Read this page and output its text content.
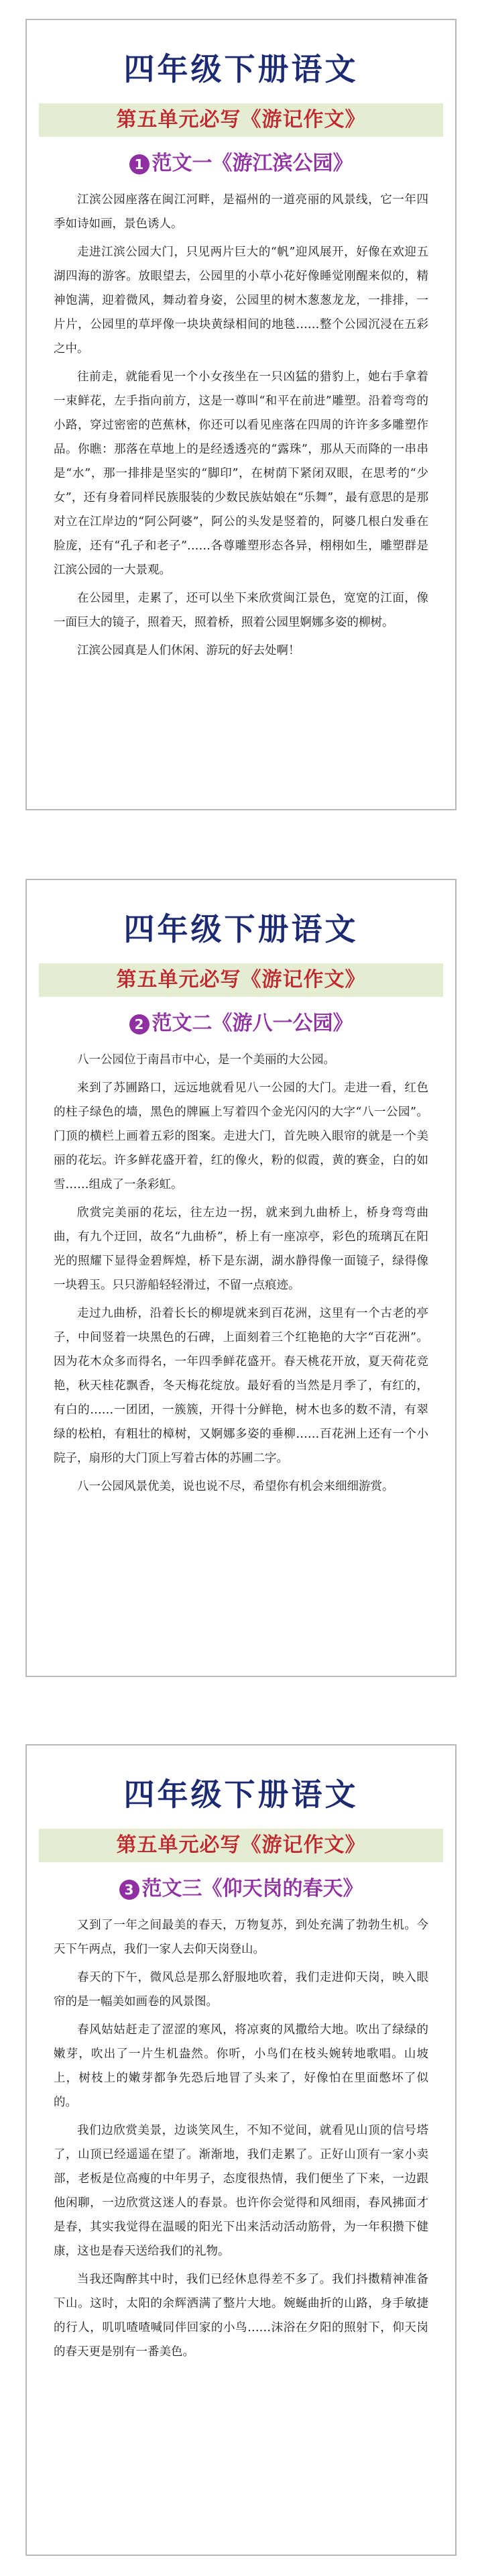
四年级下册语文
第五单元必写《游记作文》
1 范文一《游江滨公园》

江滨公园座落在闽江河畔，是福州的一道亮丽的风景线，它一年四季如诗如画，景色诱人。

走进江滨公园大门，只见两片巨大的“帆”迎风展开，好像在欢迎五湖四海的游客。放眼望去，公园里的小草小花好像睡觉刚醒来似的，精神饱满，迎着微风，舞动着身姿，公园里的树木葱葱龙龙，一排排，一片片，公园里的草坪像一块块黄绿相间的地毯……整个公园沉浸在五彩之中。

往前走，就能看见一个小女孩坐在一只凶猛的猎豹上，她右手拿着一束鲜花，左手指向前方，这是一尊叫“和平在前进”雕塑。沿着弯弯的小路，穿过密密的芭蕉林，你还可以看见座落在四周的许许多多雕塑作品。你瞧：那落在草地上的是经透透亮的“露珠”，那从天而降的一串串是“水”，那一排排是坚实的“脚印”，在树荫下紧闭双眼，在思考的“少女”，还有身着同样民族服装的少数民族姑娘在“乐舞”，最有意思的是那对立在江岸边的“阿公阿婆”，阿公的头发是竖着的，阿婆几根白发垂在脸庞，还有“孔子和老子”……各尊雕塑形态各异，栩栩如生，雕塑群是江滨公园的一大景观。

在公园里，走累了，还可以坐下来欣赏闽江景色，宽宽的江面，像一面巨大的镜子，照着天，照着桥，照着公园里婀娜多姿的柳树。

江滨公园真是人们休闲、游玩的好去处啊！

四年级下册语文
第五单元必写《游记作文》
2 范文二《游八一公园》

八一公园位于南昌市中心，是一个美丽的大公园。

来到了苏圃路口，远远地就看见八一公园的大门。走进一看，红色的柱子绿色的墙，黑色的牌匾上写着四个金光闪闪的大字“八一公园”。门顶的横栏上画着五彩的图案。走进大门，首先映入眼帘的就是一个美丽的花坛。许多鲜花盛开着，红的像火，粉的似霞，黄的赛金，白的如雪……组成了一条彩虹。

欣赏完美丽的花坛，往左边一拐，就来到九曲桥上，桥身弯弯曲曲，有九个迂回，故名“九曲桥”，桥上有一座凉亭，彩色的琉璃瓦在阳光的照耀下显得金碧辉煌，桥下是东湖，湖水静得像一面镜子，绿得像一块碧玉。只只游船轻轻滑过，不留一点痕迹。

走过九曲桥，沿着长长的柳堤就来到百花洲，这里有一个古老的亭子，中间竖着一块黑色的石碑，上面刻着三个红艳艳的大字“百花洲”。因为花木众多而得名，一年四季鲜花盛开。春天桃花开放，夏天荷花竞艳，秋天桂花飘香，冬天梅花绽放。最好看的当然是月季了，有红的，有白的……一团团，一簇簇，开得十分鲜艳，树木也多的数不清，有翠绿的松柏，有粗壮的樟树，又婀娜多姿的垂柳……百花洲上还有一个小院子，扇形的大门顶上写着古体的苏圃二字。

八一公园风景优美，说也说不尽，希望你有机会来细细游赏。

四年级下册语文
第五单元必写《游记作文》
3 范文三《仰天岗的春天》

又到了一年之间最美的春天，万物复苏，到处充满了勃勃生机。今天下午两点，我们一家人去仰天岗登山。

春天的下午，微风总是那么舒服地吹着，我们走进仰天岗，映入眼帘的是一幅美如画卷的风景图。

春风姑姑赶走了涩涩的寒风，将凉爽的风撒给大地。吹出了绿绿的嫩芽，吹出了一片生机盎然。你听，小鸟们在枝头婉转地歌唱。山坡上，树枝上的嫩芽都争先恐后地冒了头来了，好像怕在里面憋坏了似的。

我们边欣赏美景，边谈笑风生，不知不觉间，就看见山顶的信号塔了，山顶已经遥遥在望了。渐渐地，我们走累了。正好山顶有一家小卖部，老板是位高瘦的中年男子，态度很热情，我们便坐了下来，一边跟他闲聊，一边欣赏这迷人的春景。也许你会觉得和风细雨，春风拂面才是春，其实我觉得在温暖的阳光下出来活动活动筋骨，为一年积攒下健康，这也是春天送给我们的礼物。

当我还陶醉其中时，我们已经休息得差不多了。我们抖擞精神准备下山。这时，太阳的余辉洒满了整片大地。婉蜒曲折的山路，身手敏捷的行人，叽叽喳喳喊同伴回家的小鸟……沫浴在夕阳的照射下，仰天岗的春天更是别有一番美色。
